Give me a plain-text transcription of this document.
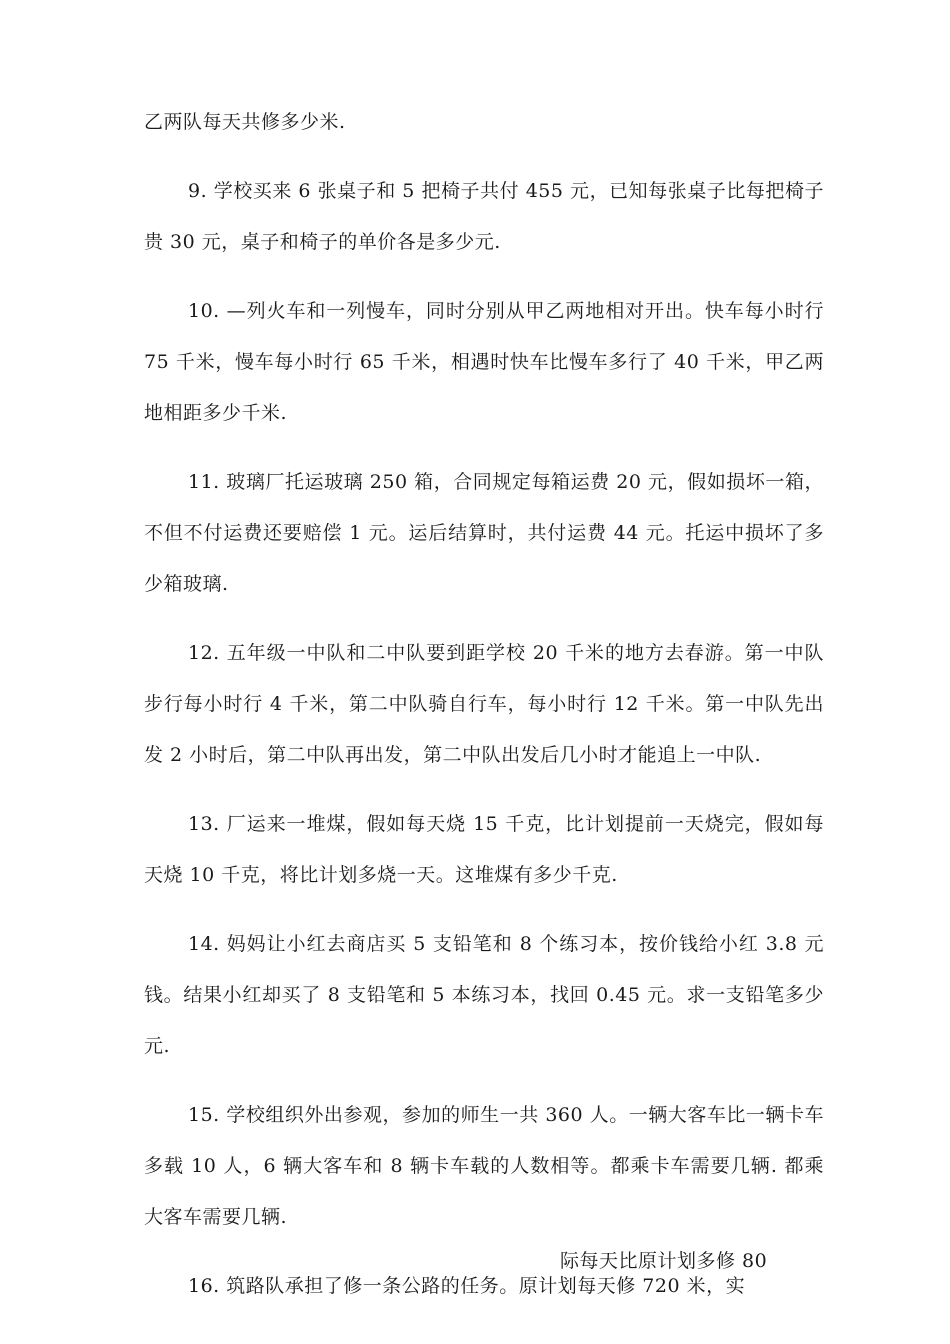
乙两队每天共修多少米.

9. 学校买来 6 张桌子和 5 把椅子共付 455 元，已知每张桌子比每把椅子贵 30 元，桌子和椅子的单价各是多少元.

10. —列火车和一列慢车，同时分别从甲乙两地相对开出。快车每小时行 75 千米，慢车每小时行 65 千米，相遇时快车比慢车多行了 40 千米，甲乙两地相距多少千米.

11. 玻璃厂托运玻璃 250 箱，合同规定每箱运费 20 元，假如损坏一箱，不但不付运费还要赔偿 1 元。运后结算时，共付运费 44 元。托运中损坏了多少箱玻璃.

12. 五年级一中队和二中队要到距学校 20 千米的地方去春游。第一中队步行每小时行 4 千米，第二中队骑自行车，每小时行 12 千米。第一中队先出发 2 小时后，第二中队再出发，第二中队出发后几小时才能追上一中队.

13. 厂运来一堆煤，假如每天烧 15 千克，比计划提前一天烧完，假如每天烧 10 千克，将比计划多烧一天。这堆煤有多少千克.

14. 妈妈让小红去商店买 5 支铅笔和 8 个练习本，按价钱给小红 3.8 元钱。结果小红却买了 8 支铅笔和 5 本练习本，找回 0.45 元。求一支铅笔多少元.

15. 学校组织外出参观，参加的师生一共 360 人。一辆大客车比一辆卡车多载 10 人，6 辆大客车和 8 辆卡车载的人数相等。都乘卡车需要几辆. 都乘大客车需要几辆.

16. 筑路队承担了修一条公路的任务。原计划每天修 720 米，实

际每天比原计划多修 80
